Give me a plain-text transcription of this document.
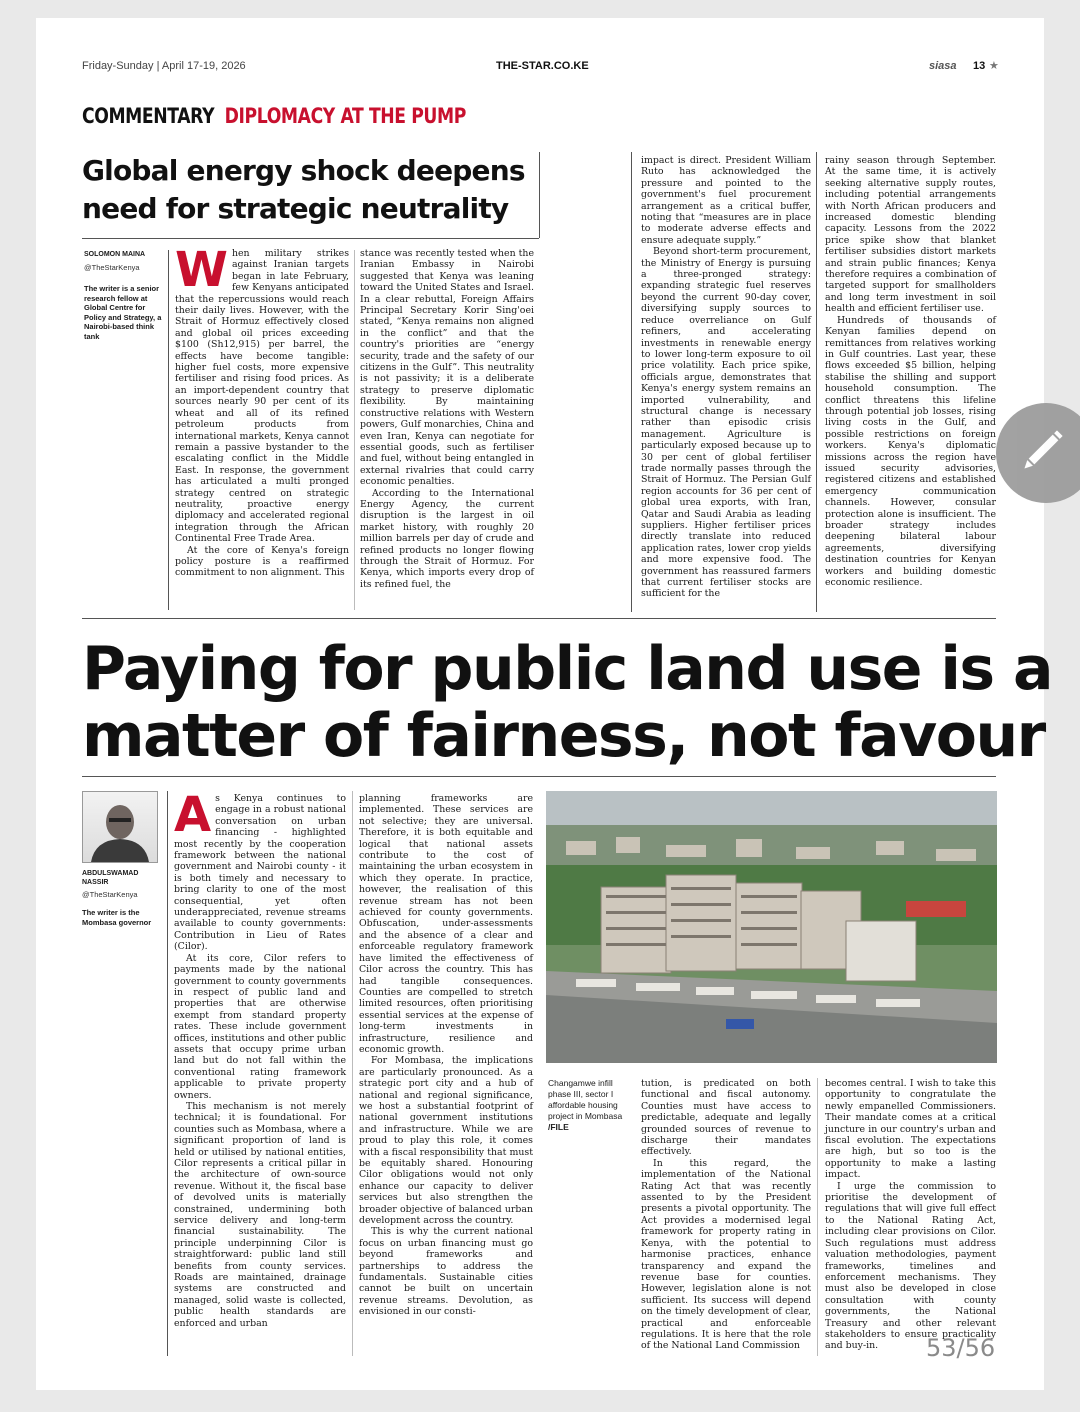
Friday-Sunday | April 17-19, 2026	THE-STAR.CO.KE	siasa 13 ★
COMMENTARY DIPLOMACY AT THE PUMP
Global energy shock deepens need for strategic neutrality
SOLOMON MAINA
@TheStarKenya
The writer is a senior research fellow at Global Centre for Policy and Strategy, a Nairobi-based think tank
W hen military strikes against Iranian targets began in late February, few Kenyans anticipated that the repercussions would reach their daily lives. However, with the Strait of Hormuz effectively closed and global oil prices exceeding $100 (Sh12,915) per barrel, the effects have become tangible: higher fuel costs, more expensive fertiliser and rising food prices. As an import-dependent country that sources nearly 90 per cent of its wheat and all of its refined petroleum products from international markets, Kenya cannot remain a passive bystander to the escalating conflict in the Middle East. In response, the government has articulated a multi pronged strategy centred on strategic neutrality, proactive energy diplomacy and accelerated regional integration through the African Continental Free Trade Area.

At the core of Kenya's foreign policy posture is a reaffirmed commitment to non alignment. This

stance was recently tested when the Iranian Embassy in Nairobi suggested that Kenya was leaning toward the United States and Israel. In a clear rebuttal, Foreign Affairs Principal Secretary Korir Sing'oei stated, “Kenya remains non aligned in the conflict” and that the country's priorities are “energy security, trade and the safety of our citizens in the Gulf”. This neutrality is not passivity; it is a deliberate strategy to preserve diplomatic flexibility. By maintaining constructive relations with Western powers, Gulf monarchies, China and even Iran, Kenya can negotiate for essential goods, such as fertiliser and fuel, without being entangled in external rivalries that could carry economic penalties.

According to the International Energy Agency, the current disruption is the largest in oil market history, with roughly 20 million barrels per day of crude and refined products no longer flowing through the Strait of Hormuz. For Kenya, which imports every drop of its refined fuel, the

impact is direct. President William Ruto has acknowledged the pressure and pointed to the government's fuel procurement arrangement as a critical buffer, noting that “measures are in place to moderate adverse effects and ensure adequate supply.”

Beyond short-term procurement, the Ministry of Energy is pursuing a three-pronged strategy: expanding strategic fuel reserves beyond the current 90-day cover, diversifying supply sources to reduce overreliance on Gulf refiners, and accelerating investments in renewable energy to lower long-term exposure to oil price volatility. Each price spike, officials argue, demonstrates that Kenya's energy system remains an imported vulnerability, and structural change is necessary rather than episodic crisis management. Agriculture is particularly exposed because up to 30 per cent of global fertiliser trade normally passes through the Strait of Hormuz. The Persian Gulf region accounts for 36 per cent of global urea exports, with Iran, Qatar and Saudi Arabia as leading suppliers. Higher fertiliser prices directly translate into reduced application rates, lower crop yields and more expensive food. The government has reassured farmers that current fertiliser stocks are sufficient for the

rainy season through September. At the same time, it is actively seeking alternative supply routes, including potential arrangements with North African producers and increased domestic blending capacity. Lessons from the 2022 price spike show that blanket fertiliser subsidies distort markets and strain public finances; Kenya therefore requires a combination of targeted support for smallholders and long term investment in soil health and efficient fertiliser use.

Hundreds of thousands of Kenyan families depend on remittances from relatives working in Gulf countries. Last year, these flows exceeded $5 billion, helping stabilise the shilling and support household consumption. The conflict threatens this lifeline through potential job losses, rising living costs in the Gulf, and possible restrictions on foreign workers. Kenya's diplomatic missions across the region have issued security advisories, registered citizens and established emergency communication channels. However, consular protection alone is insufficient. The broader strategy includes deepening bilateral labour agreements, diversifying destination countries for Kenyan workers and building domestic economic resilience.

Paying for public land use is a
matter of fairness, not favour
ABDULSWAMAD
NASSIR
@TheStarKenya
The writer is the Mombasa governor
A s Kenya continues to engage in a robust national conversation on urban financing - highlighted most recently by the cooperation framework between the national government and Nairobi county - it is both timely and necessary to bring clarity to one of the most consequential, yet often underappreciated, revenue streams available to county governments: Contribution in Lieu of Rates (Cilor).

At its core, Cilor refers to payments made by the national government to county governments in respect of public land and properties that are otherwise exempt from standard property rates. These include government offices, institutions and other public assets that occupy prime urban land but do not fall within the conventional rating framework applicable to private property owners.

This mechanism is not merely technical; it is foundational. For counties such as Mombasa, where a significant proportion of land is held or utilised by national entities, Cilor represents a critical pillar in the architecture of own-source revenue. Without it, the fiscal base of devolved units is materially constrained, undermining both service delivery and long-term financial sustainability. The principle underpinning Cilor is straightforward: public land still benefits from county services. Roads are maintained, drainage systems are constructed and managed, solid waste is collected, public health standards are enforced and urban

planning frameworks are implemented. These services are not selective; they are universal. Therefore, it is both equitable and logical that national assets contribute to the cost of maintaining the urban ecosystem in which they operate. In practice, however, the realisation of this revenue stream has not been achieved for county governments. Obfuscation, under-assessments and the absence of a clear and enforceable regulatory framework have limited the effectiveness of Cilor across the country. This has had tangible consequences. Counties are compelled to stretch limited resources, often prioritising essential services at the expense of long-term investments in infrastructure, resilience and economic growth.

For Mombasa, the implications are particularly pronounced. As a strategic port city and a hub of national and regional significance, we host a substantial footprint of national government institutions and infrastructure. While we are proud to play this role, it comes with a fiscal responsibility that must be equitably shared. Honouring Cilor obligations would not only enhance our capacity to deliver services but also strengthen the broader objective of balanced urban development across the country.

This is why the current national focus on urban financing must go beyond frameworks and partnerships to address the fundamentals. Sustainable cities cannot be built on uncertain revenue streams. Devolution, as envisioned in our consti-

Changamwe infill phase III, sector I affordable housing project in Mombasa /FILE

tution, is predicated on both functional and fiscal autonomy. Counties must have access to predictable, adequate and legally grounded sources of revenue to discharge their mandates effectively.

In this regard, the implementation of the National Rating Act that was recently assented to by the President presents a pivotal opportunity. The Act provides a modernised legal framework for property rating in Kenya, with the potential to harmonise practices, enhance transparency and expand the revenue base for counties. However, legislation alone is not sufficient. Its success will depend on the timely development of clear, practical and enforceable regulations. It is here that the role of the National Land Commission

becomes central. I wish to take this opportunity to congratulate the newly empanelled Commissioners. Their mandate comes at a critical juncture in our country's urban and fiscal evolution. The expectations are high, but so too is the opportunity to make a lasting impact.

I urge the commission to prioritise the development of regulations that will give full effect to the National Rating Act, including clear provisions on Cilor. Such regulations must address valuation methodologies, payment frameworks, timelines and enforcement mechanisms. They must also be developed in close consultation with county governments, the National Treasury and other relevant stakeholders to ensure practicality and buy-in.	53/56
